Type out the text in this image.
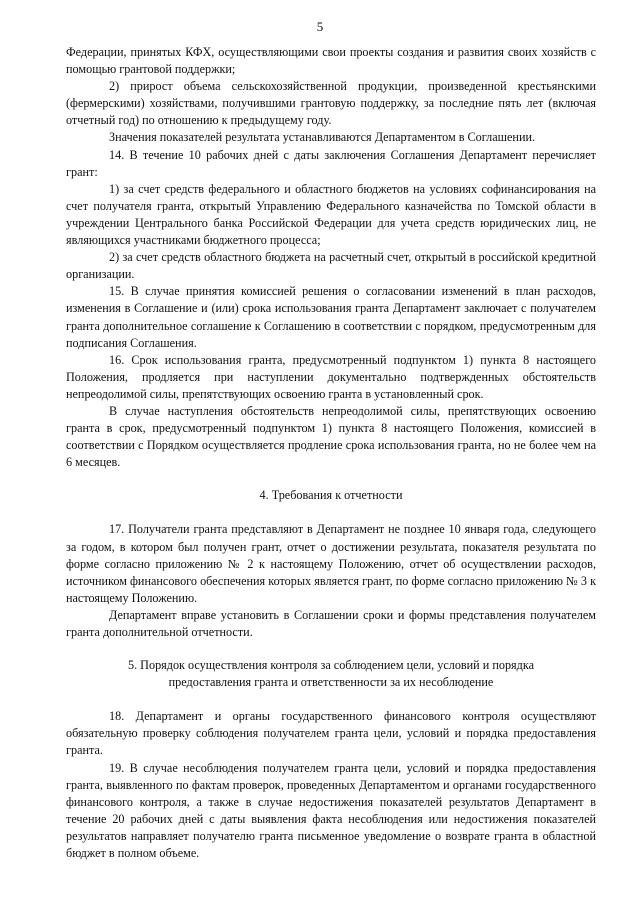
5

Федерации, принятых КФХ, осуществляющими свои проекты создания и развития своих хозяйств с помощью грантовой поддержки;

2) прирост объема сельскохозяйственной продукции, произведенной крестьянскими (фермерскими) хозяйствами, получившими грантовую поддержку, за последние пять лет (включая отчетный год) по отношению к предыдущему году.

Значения показателей результата устанавливаются Департаментом в Соглашении.

14. В течение 10 рабочих дней с даты заключения Соглашения Департамент перечисляет грант:

1) за счет средств федерального и областного бюджетов на условиях софинансирования на счет получателя гранта, открытый Управлению Федерального казначейства по Томской области в учреждении Центрального банка Российской Федерации для учета средств юридических лиц, не являющихся участниками бюджетного процесса;

2) за счет средств областного бюджета на расчетный счет, открытый в российской кредитной организации.

15. В случае принятия комиссией решения о согласовании изменений в план расходов, изменения в Соглашение и (или) срока использования гранта Департамент заключает с получателем гранта дополнительное соглашение к Соглашению в соответствии с порядком, предусмотренным для подписания Соглашения.

16. Срок использования гранта, предусмотренный подпунктом 1) пункта 8 настоящего Положения, продляется при наступлении документально подтвержденных обстоятельств непреодолимой силы, препятствующих освоению гранта в установленный срок.

В случае наступления обстоятельств непреодолимой силы, препятствующих освоению гранта в срок, предусмотренный подпунктом 1) пункта 8 настоящего Положения, комиссией в соответствии с Порядком осуществляется продление срока использования гранта, но не более чем на 6 месяцев.

4. Требования к отчетности

17. Получатели гранта представляют в Департамент не позднее 10 января года, следующего за годом, в котором был получен грант, отчет о достижении результата, показателя результата по форме согласно приложению № 2 к настоящему Положению, отчет об осуществлении расходов, источником финансового обеспечения которых является грант, по форме согласно приложению № 3 к настоящему Положению.

Департамент вправе установить в Соглашении сроки и формы представления получателем гранта дополнительной отчетности.

5. Порядок осуществления контроля за соблюдением цели, условий и порядка
предоставления гранта и ответственности за их несоблюдение

18. Департамент и органы государственного финансового контроля осуществляют обязательную проверку соблюдения получателем гранта цели, условий и порядка предоставления гранта.

19. В случае несоблюдения получателем гранта цели, условий и порядка предоставления гранта, выявленного по фактам проверок, проведенных Департаментом и органами государственного финансового контроля, а также в случае недостижения показателей результатов Департамент в течение 20 рабочих дней с даты выявления факта несоблюдения или недостижения показателей результатов направляет получателю гранта письменное уведомление о возврате гранта в областной бюджет в полном объеме.
